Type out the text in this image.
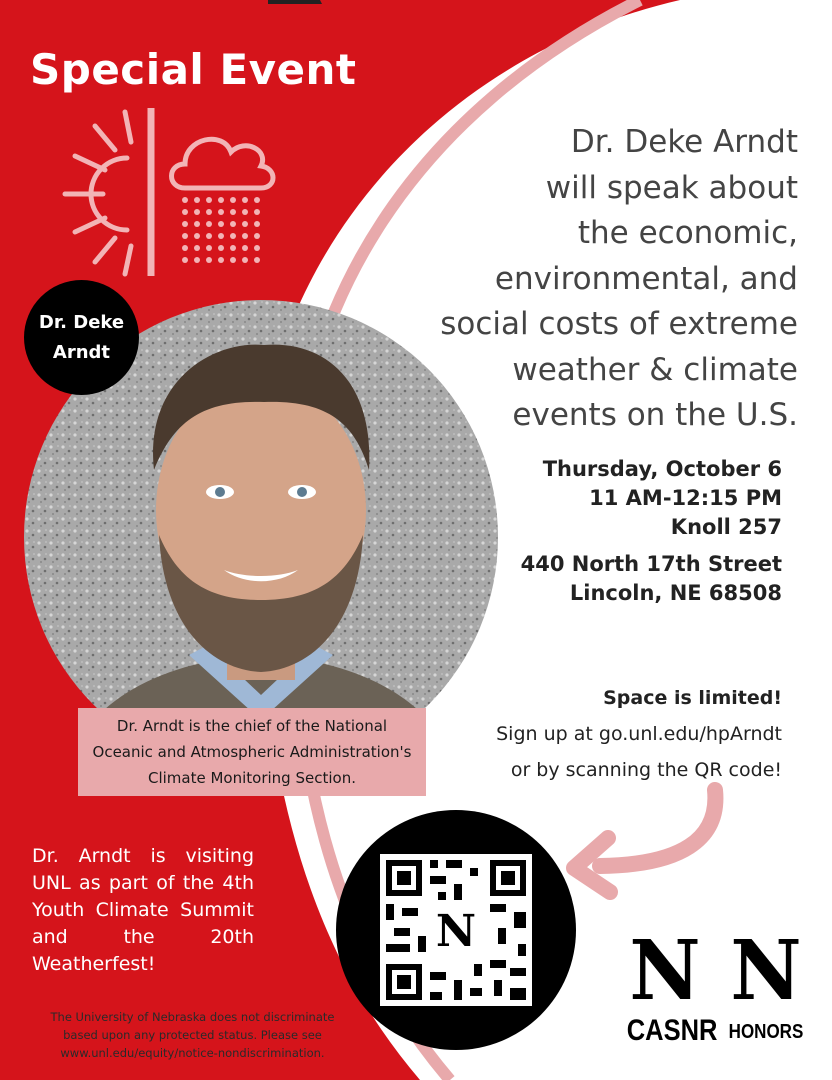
Special Event
Dr. Deke
Arndt
Dr. Deke Arndt
will speak about
the economic,
environmental, and
social costs of extreme
weather & climate
events on the U.S.
Thursday, October 6
11 AM-12:15 PM
Knoll 257
440 North 17th Street
Lincoln, NE 68508
Dr. Arndt is the chief of the National
Oceanic and Atmospheric Administration's
Climate Monitoring Section.
Space is limited!
Sign up at go.unl.edu/hpArndt
or by scanning the QR code!
N
Dr. Arndt is visiting UNL as part of the 4th Youth Climate Summit and the 20th Weatherfest!
The University of Nebraska does not discriminate
based upon any protected status. Please see
www.unl.edu/equity/notice-nondiscrimination.
N
CASNR
N
HONORS
